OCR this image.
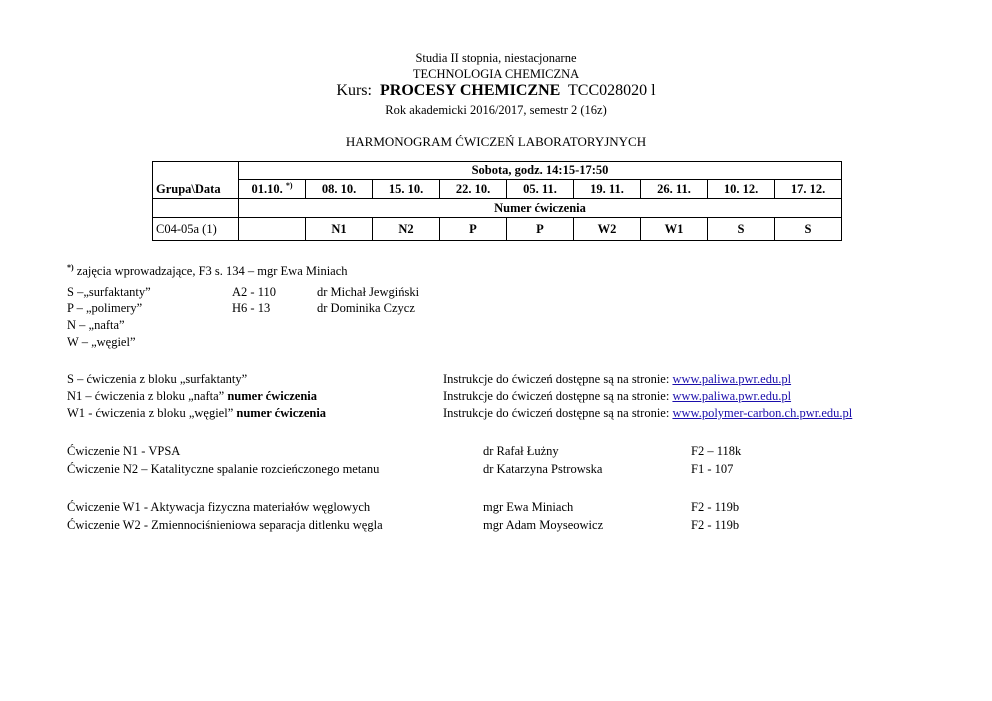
Studia II stopnia, niestacjonarne
TECHNOLOGIA CHEMICZNA
Kurs: PROCESY CHEMICZNE TCC028020 l
Rok akademicki 2016/2017, semestr 2 (16z)
HARMONOGRAM ĆWICZEŃ LABORATORYJNYCH
Grupa\Data	Sobota, godz. 14:15-17:50								
	01.10. *)	08. 10.	15. 10.	22. 10.	05. 11.	19. 11.	26. 11.	10. 12.	17. 12.
	Numer ćwiczenia								
C04-05a (1)		N1	N2	P	P	W2	W1	S	S
*) zajęcia wprowadzające, F3 s. 134 – mgr Ewa Miniach
S –„surfaktanty”	A2 - 110	dr Michał Jewgiński
P – „polimery”	H6 - 13	dr Dominika Czycz
N – „nafta”
W – „węgiel”
S – ćwiczenia z bloku „surfaktanty”	Instrukcje do ćwiczeń dostępne są na stronie: www.paliwa.pwr.edu.pl
N1 – ćwiczenia z bloku „nafta” numer ćwiczenia	Instrukcje do ćwiczeń dostępne są na stronie: www.paliwa.pwr.edu.pl
W1 - ćwiczenia z bloku „węgiel” numer ćwiczenia	Instrukcje do ćwiczeń dostępne są na stronie: www.polymer-carbon.ch.pwr.edu.pl
Ćwiczenie N1 - VPSA	dr Rafał Łużny	F2 – 118k
Ćwiczenie N2 – Katalityczne spalanie rozcieńczonego metanu	dr Katarzyna Pstrowska	F1 - 107
Ćwiczenie W1 - Aktywacja fizyczna materiałów węglowych	mgr Ewa Miniach	F2 - 119b
Ćwiczenie W2 - Zmiennociśnieniowa separacja ditlenku węgla	mgr Adam Moyseowicz	F2 - 119b
